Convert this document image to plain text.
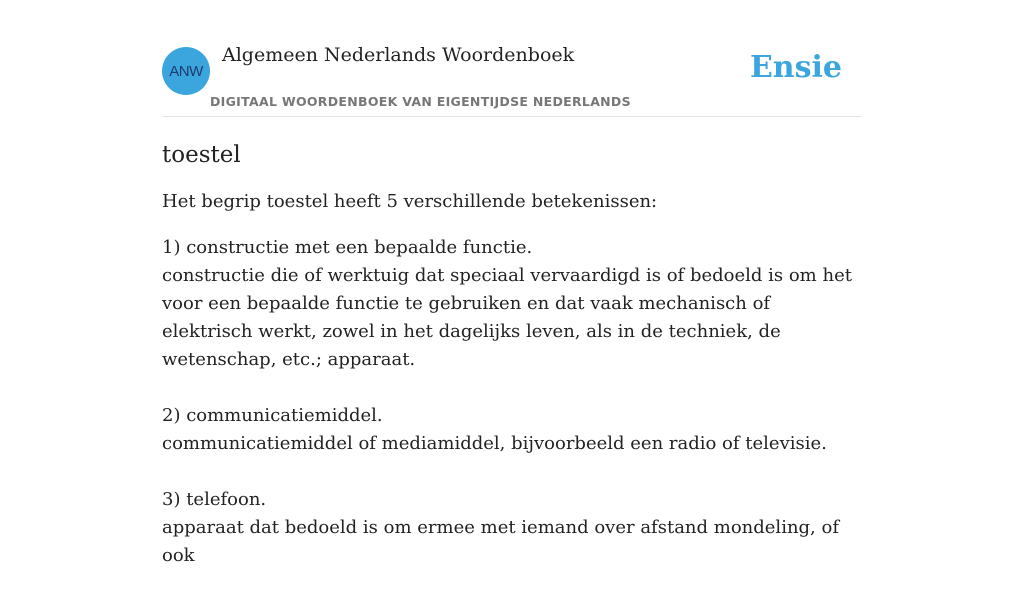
ANW
Algemeen Nederlands Woordenboek
DIGITAAL WOORDENBOEK VAN EIGENTIJDSE NEDERLANDS
Ensie
toestel

Het begrip toestel heeft 5 verschillende betekenissen:

1) constructie met een bepaalde functie.
constructie die of werktuig dat speciaal vervaardigd is of bedoeld is om het voor een bepaalde functie te gebruiken en dat vaak mechanisch of elektrisch werkt, zowel in het dagelijks leven, als in de techniek, de wetenschap, etc.; apparaat.
2) communicatiemiddel.
communicatiemiddel of mediamiddel, bijvoorbeeld een radio of televisie.
3) telefoon.
apparaat dat bedoeld is om ermee met iemand over afstand mondeling, of ook
